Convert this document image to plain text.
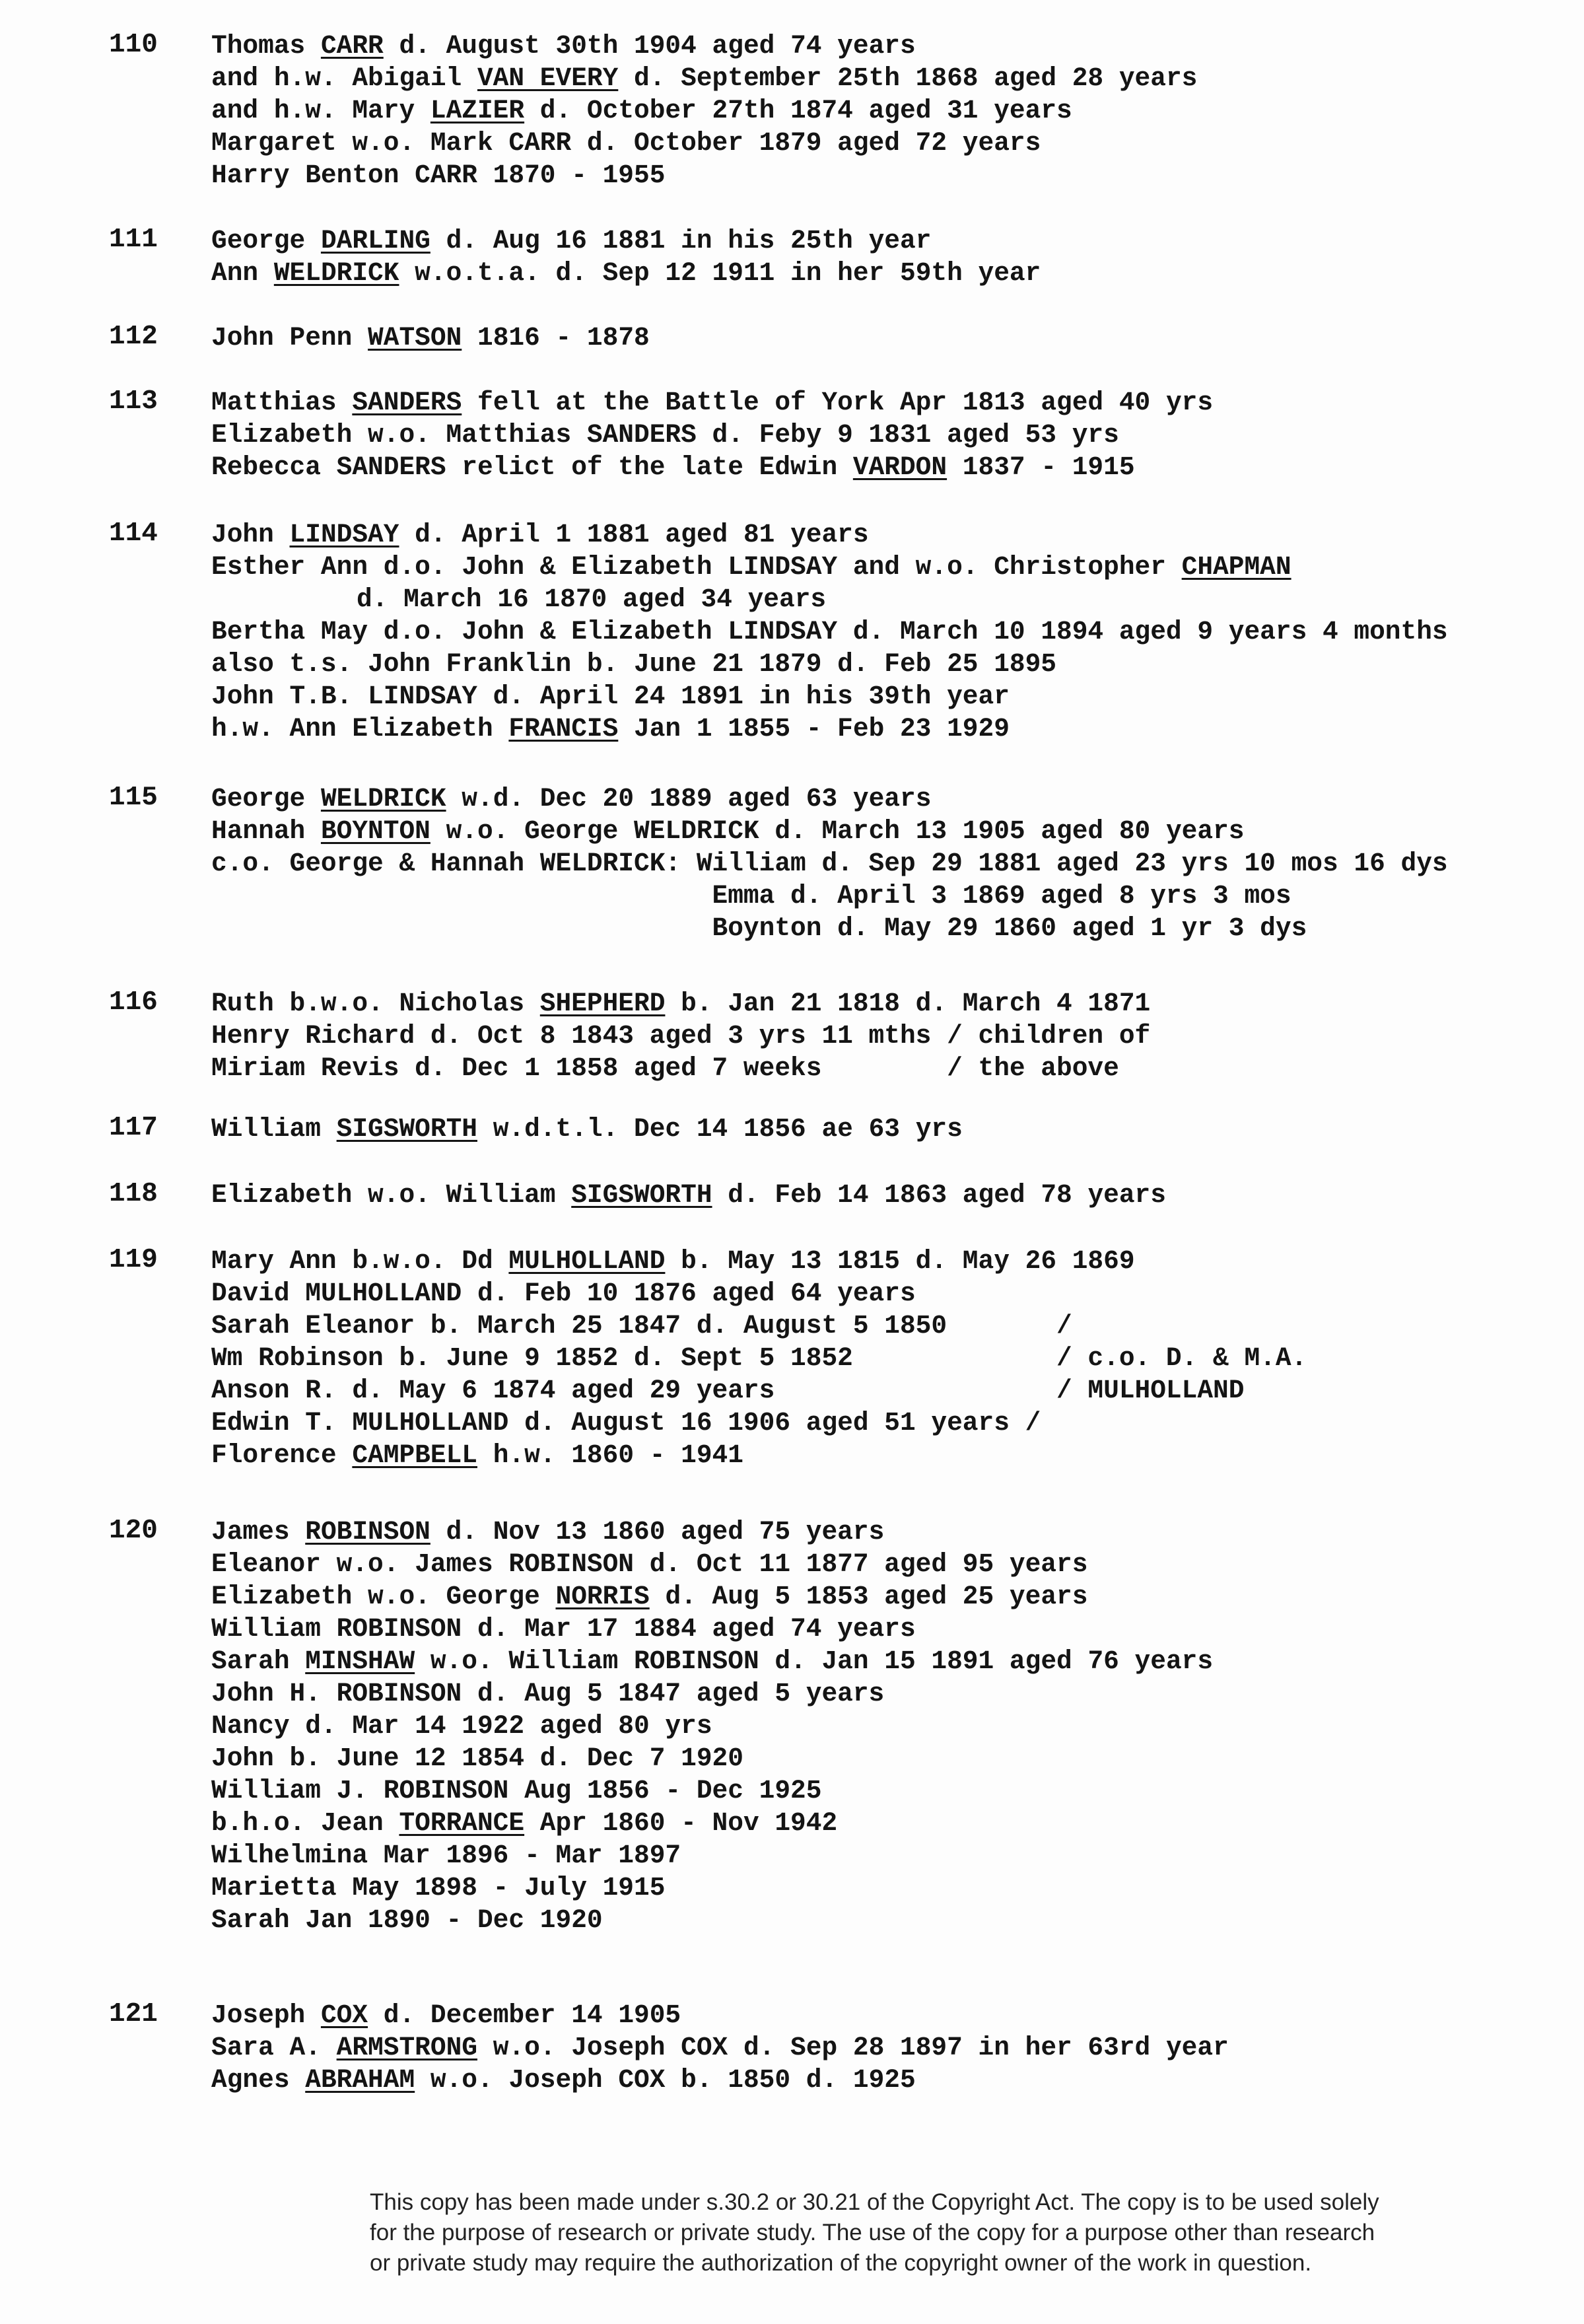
110 Thomas CARR d. August 30th 1904 aged 74 years
and h.w. Abigail VAN EVERY d. September 25th 1868 aged 28 years
and h.w. Mary LAZIER d. October 27th 1874 aged 31 years
Margaret w.o. Mark CARR d. October 1879 aged 72 years
Harry Benton CARR 1870 - 1955
111 George DARLING d. Aug 16 1881 in his 25th year
Ann WELDRICK w.o.t.a. d. Sep 12 1911 in her 59th year
112 John Penn WATSON 1816 - 1878
113 Matthias SANDERS fell at the Battle of York Apr 1813 aged 40 yrs
Elizabeth w.o. Matthias SANDERS d. Feby 9 1831 aged 53 yrs
Rebecca SANDERS relict of the late Edwin VARDON 1837 - 1915
114 John LINDSAY d. April 1 1881 aged 81 years
Esther Ann d.o. John & Elizabeth LINDSAY and w.o. Christopher CHAPMAN
d. March 16 1870 aged 34 years
Bertha May d.o. John & Elizabeth LINDSAY d. March 10 1894 aged 9 years 4 months
also t.s. John Franklin b. June 21 1879 d. Feb 25 1895
John T.B. LINDSAY d. April 24 1891 in his 39th year
h.w. Ann Elizabeth FRANCIS Jan 1 1855 - Feb 23 1929
115 George WELDRICK w.d. Dec 20 1889 aged 63 years
Hannah BOYNTON w.o. George WELDRICK d. March 13 1905 aged 80 years
c.o. George & Hannah WELDRICK: William d. Sep 29 1881 aged 23 yrs 10 mos 16 dys
Emma d. April 3 1869 aged 8 yrs 3 mos
Boynton d. May 29 1860 aged 1 yr 3 dys
116 Ruth b.w.o. Nicholas SHEPHERD b. Jan 21 1818 d. March 4 1871
Henry Richard d. Oct 8 1843 aged 3 yrs 11 mths / children of
Miriam Revis d. Dec 1 1858 aged 7 weeks        / the above
117 William SIGSWORTH w.d.t.l. Dec 14 1856 ae 63 yrs
118 Elizabeth w.o. William SIGSWORTH d. Feb 14 1863 aged 78 years
119 Mary Ann b.w.o. Dd MULHOLLAND b. May 13 1815 d. May 26 1869
David MULHOLLAND d. Feb 10 1876 aged 64 years
Sarah Eleanor b. March 25 1847 d. August 5 1850       /
Wm Robinson b. June 9 1852 d. Sept 5 1852             / c.o. D. & M.A.
Anson R. d. May 6 1874 aged 29 years                  / MULHOLLAND
Edwin T. MULHOLLAND d. August 16 1906 aged 51 years /
Florence CAMPBELL h.w. 1860 - 1941
120 James ROBINSON d. Nov 13 1860 aged 75 years
Eleanor w.o. James ROBINSON d. Oct 11 1877 aged 95 years
Elizabeth w.o. George NORRIS d. Aug 5 1853 aged 25 years
William ROBINSON d. Mar 17 1884 aged 74 years
Sarah MINSHAW w.o. William ROBINSON d. Jan 15 1891 aged 76 years
John H. ROBINSON d. Aug 5 1847 aged 5 years
Nancy d. Mar 14 1922 aged 80 yrs
John b. June 12 1854 d. Dec 7 1920
William J. ROBINSON Aug 1856 - Dec 1925
b.h.o. Jean TORRANCE Apr 1860 - Nov 1942
Wilhelmina Mar 1896 - Mar 1897
Marietta May 1898 - July 1915
Sarah Jan 1890 - Dec 1920
121 Joseph COX d. December 14 1905
Sara A. ARMSTRONG w.o. Joseph COX d. Sep 28 1897 in her 63rd year
Agnes ABRAHAM w.o. Joseph COX b. 1850 d. 1925
This copy has been made under s.30.2 or 30.21 of the Copyright Act. The copy is to be used solely
for the purpose of research or private study. The use of the copy for a purpose other than research
or private study may require the authorization of the copyright owner of the work in question.
